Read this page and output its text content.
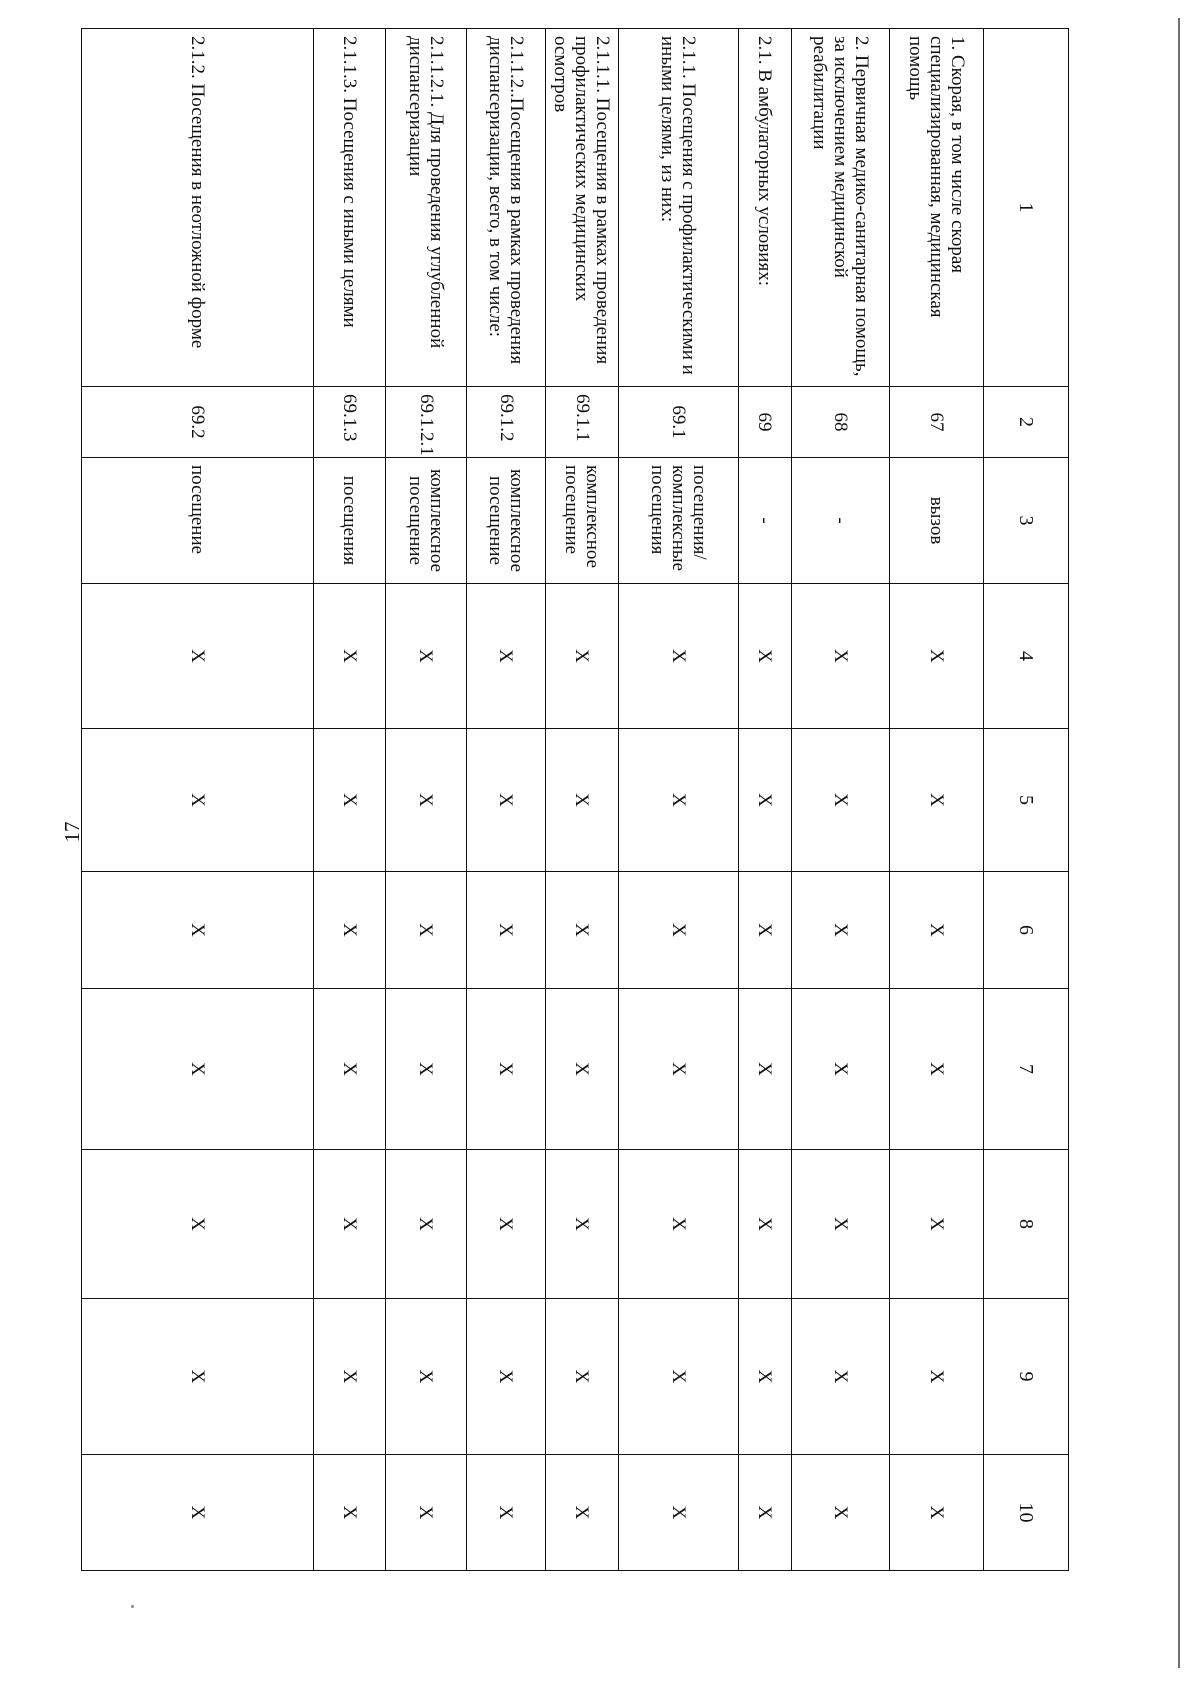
17
1	2	3	4	5	6	7	8	9	10
1. Скорая, в том числе скорая специализированная, медицинская помощь	67	вызов	Х	Х	Х	Х	Х	Х	Х
2. Первичная медико-санитарная помощь, за исключением медицинской реабилитации	68	-	Х	Х	Х	Х	Х	Х	Х
2.1. В амбулаторных условиях:	69	-	Х	Х	Х	Х	Х	Х	Х
2.1.1. Посещения с профилактическими и иными целями, из них:	69.1	посещения/комплексные посещения	Х	Х	Х	Х	Х	Х	Х
2.1.1.1. Посещения в рамках проведения профилактических медицинских осмотров	69.1.1	комплексное посещение	Х	Х	Х	Х	Х	Х	Х
2.1.1.2..Посещения в рамках проведения диспансеризации, всего, в том числе:	69.1.2	комплексное посещение	Х	Х	Х	Х	Х	Х	Х
2.1.1.2.1. Для проведения углубленной диспансеризации	69.1.2.1	комплексное посещение	Х	Х	Х	Х	Х	Х	Х
2.1.1.3. Посещения с иными целями	69.1.3	посещения	Х	Х	Х	Х	Х	Х	Х
2.1.2. Посещения в неотложной форме	69.2	посещение	Х	Х	Х	Х	Х	Х	Х
